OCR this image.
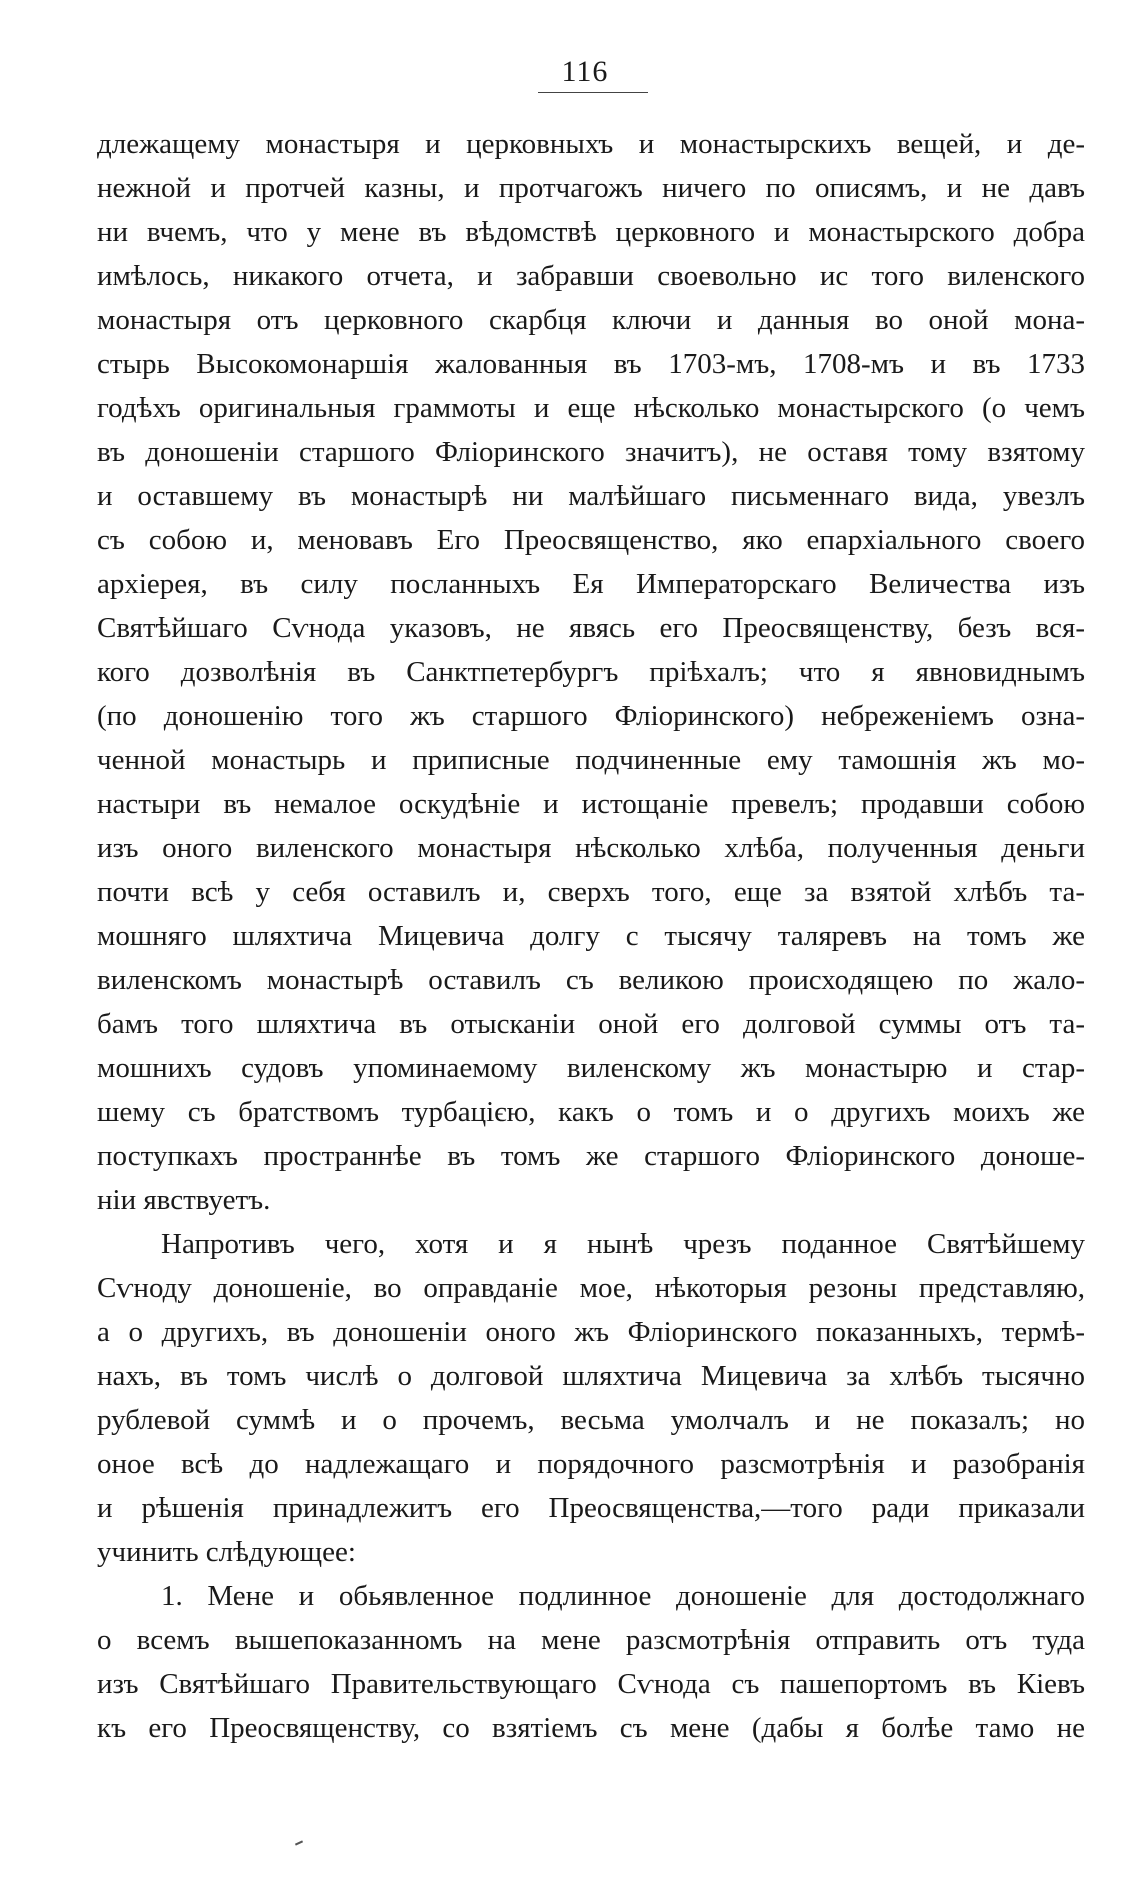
116
длежащему монастыря и церковныхъ и монастырскихъ вещей, и де-
нежной и протчей казны, и протчагожъ ничего по описямъ, и не давъ
ни вчемъ, что у мене въ вѣдомствѣ церковного и монастырского добра
имѣлось, никакого отчета, и забравши своевольно ис того виленского
монастыря отъ церковного скарбця ключи и данныя во оной мона-
стырь Высокомонаршія жалованныя въ 1703-мъ, 1708-мъ и въ 1733
годѣхъ оригинальныя граммоты и еще нѣсколько монастырского (о чемъ
въ доношеніи старшого Фліоринского значитъ), не оставя тому взятому
и оставшему въ монастырѣ ни малѣйшаго письменнаго вида, увезлъ
съ собою и, меновавъ Его Преосвященство, яко епархіального своего
архіерея, въ силу посланныхъ Ея Императорскаго Величества изъ
Святѣйшаго Сѵнода указовъ, не явясь его Преосвященству, безъ вся-
кого дозволѣнія въ Санктпетербургъ пріѣхалъ; что я явновиднымъ
(по доношенію того жъ старшого Фліоринского) небреженіемъ озна-
ченной монастырь и приписные подчиненные ему тамошнія жъ мо-
настыри въ немалое оскудѣніе и истощаніе превелъ; продавши собою
изъ оного виленского монастыря нѣсколько хлѣба, полученныя деньги
почти всѣ у себя оставилъ и, сверхъ того, еще за взятой хлѣбъ та-
мошняго шляхтича Мицевича долгу с тысячу таляревъ на томъ же
виленскомъ монастырѣ оставилъ съ великою происходящею по жало-
бамъ того шляхтича въ отысканіи оной его долговой суммы отъ та-
мошнихъ судовъ упоминаемому виленскому жъ монастырю и стар-
шему съ братствомъ турбацією, какъ о томъ и о другихъ моихъ же
поступкахъ пространнѣе въ томъ же старшого Фліоринского доноше-
ніи явствуетъ.
Напротивъ чего, хотя и я нынѣ чрезъ поданное Святѣйшему
Сѵноду доношеніе, во оправданіе мое, нѣкоторыя резоны представляю,
а о другихъ, въ доношеніи оного жъ Фліоринского показанныхъ, термѣ-
нахъ, въ томъ числѣ о долговой шляхтича Мицевича за хлѣбъ тысячно
рублевой суммѣ и о прочемъ, весьма умолчалъ и не показалъ; но
оное всѣ до надлежащаго и порядочного разсмотрѣнія и разобранія
и рѣшенія принадлежитъ его Преосвященства,—того ради приказали
учинить слѣдующее:
1. Мене и обьявленное подлинное доношеніе для достодолжнаго
о всемъ вышепоказанномъ на мене разсмотрѣнія отправить отъ туда
изъ Святѣйшаго Правительствующаго Сѵнода съ пашепортомъ въ Кіевъ
къ его Преосвященству, со взятіемъ съ мене (дабы я болѣе тамо не
